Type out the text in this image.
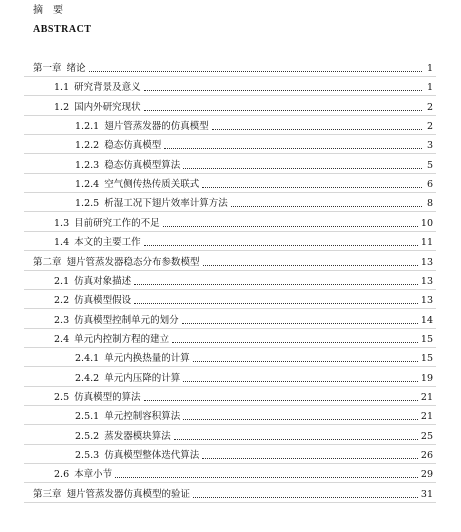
摘　要
ABSTRACT
第一章 绪论	1
1.1 研究背景及意义	1
1.2 国内外研究现状	2
1.2.1 翅片管蒸发器的仿真模型	2
1.2.2 稳态仿真模型	3
1.2.3 稳态仿真模型算法	5
1.2.4 空气侧传热传质关联式	6
1.2.5 析湿工况下翅片效率计算方法	8
1.3 目前研究工作的不足	10
1.4 本文的主要工作	11
第二章 翅片管蒸发器稳态分布参数模型	13
2.1 仿真对象描述	13
2.2 仿真模型假设	13
2.3 仿真模型控制单元的划分	14
2.4 单元内控制方程的建立	15
2.4.1 单元内换热量的计算	15
2.4.2 单元内压降的计算	19
2.5 仿真模型的算法	21
2.5.1 单元控制容积算法	21
2.5.2 蒸发器模块算法	25
2.5.3 仿真模型整体迭代算法	26
2.6 本章小节	29
第三章 翅片管蒸发器仿真模型的验证	31
